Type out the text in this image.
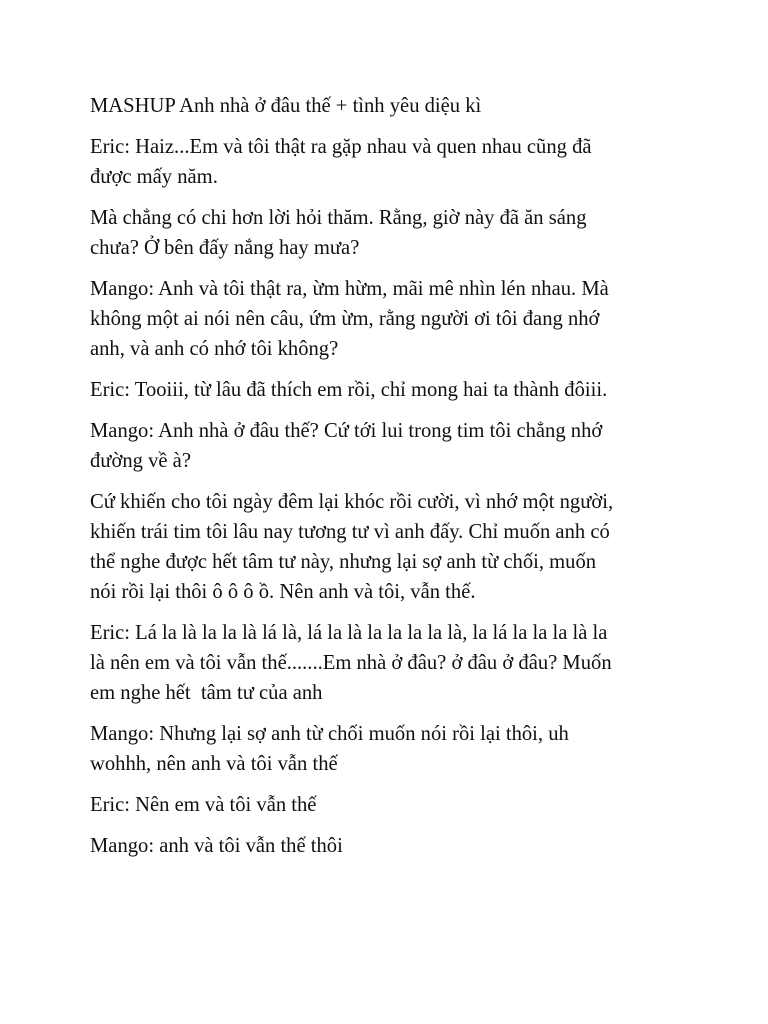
MASHUP Anh nhà ở đâu thế + tình yêu diệu kì

Eric: Haiz...Em và tôi thật ra gặp nhau và quen nhau cũng đã
được mấy năm.

Mà chẳng có chi hơn lời hỏi thăm. Rằng, giờ này đã ăn sáng
chưa? Ở bên đấy nắng hay mưa?

Mango: Anh và tôi thật ra, ừm hừm, mãi mê nhìn lén nhau. Mà
không một ai nói nên câu, ứm ừm, rằng người ơi tôi đang nhớ
anh, và anh có nhớ tôi không?

Eric: Tooiii, từ lâu đã thích em rồi, chỉ mong hai ta thành đôiii.

Mango: Anh nhà ở đâu thế? Cứ tới lui trong tim tôi chẳng nhớ
đường về à?

Cứ khiến cho tôi ngày đêm lại khóc rồi cười, vì nhớ một người,
khiến trái tim tôi lâu nay tương tư vì anh đấy. Chỉ muốn anh có
thể nghe được hết tâm tư này, nhưng lại sợ anh từ chối, muốn
nói rồi lại thôi ô ô ô ồ. Nên anh và tôi, vẫn thế.

Eric: Lá la là la la là lá là, lá la là la la la la là, la lá la la la là la
là nên em và tôi vẫn thế.......Em nhà ở đâu? ở đâu ở đâu? Muốn
em nghe hết  tâm tư của anh

Mango: Nhưng lại sợ anh từ chối muốn nói rồi lại thôi, uh
wohhh, nên anh và tôi vẫn thế

Eric: Nên em và tôi vẫn thế

Mango: anh và tôi vẫn thế thôi
